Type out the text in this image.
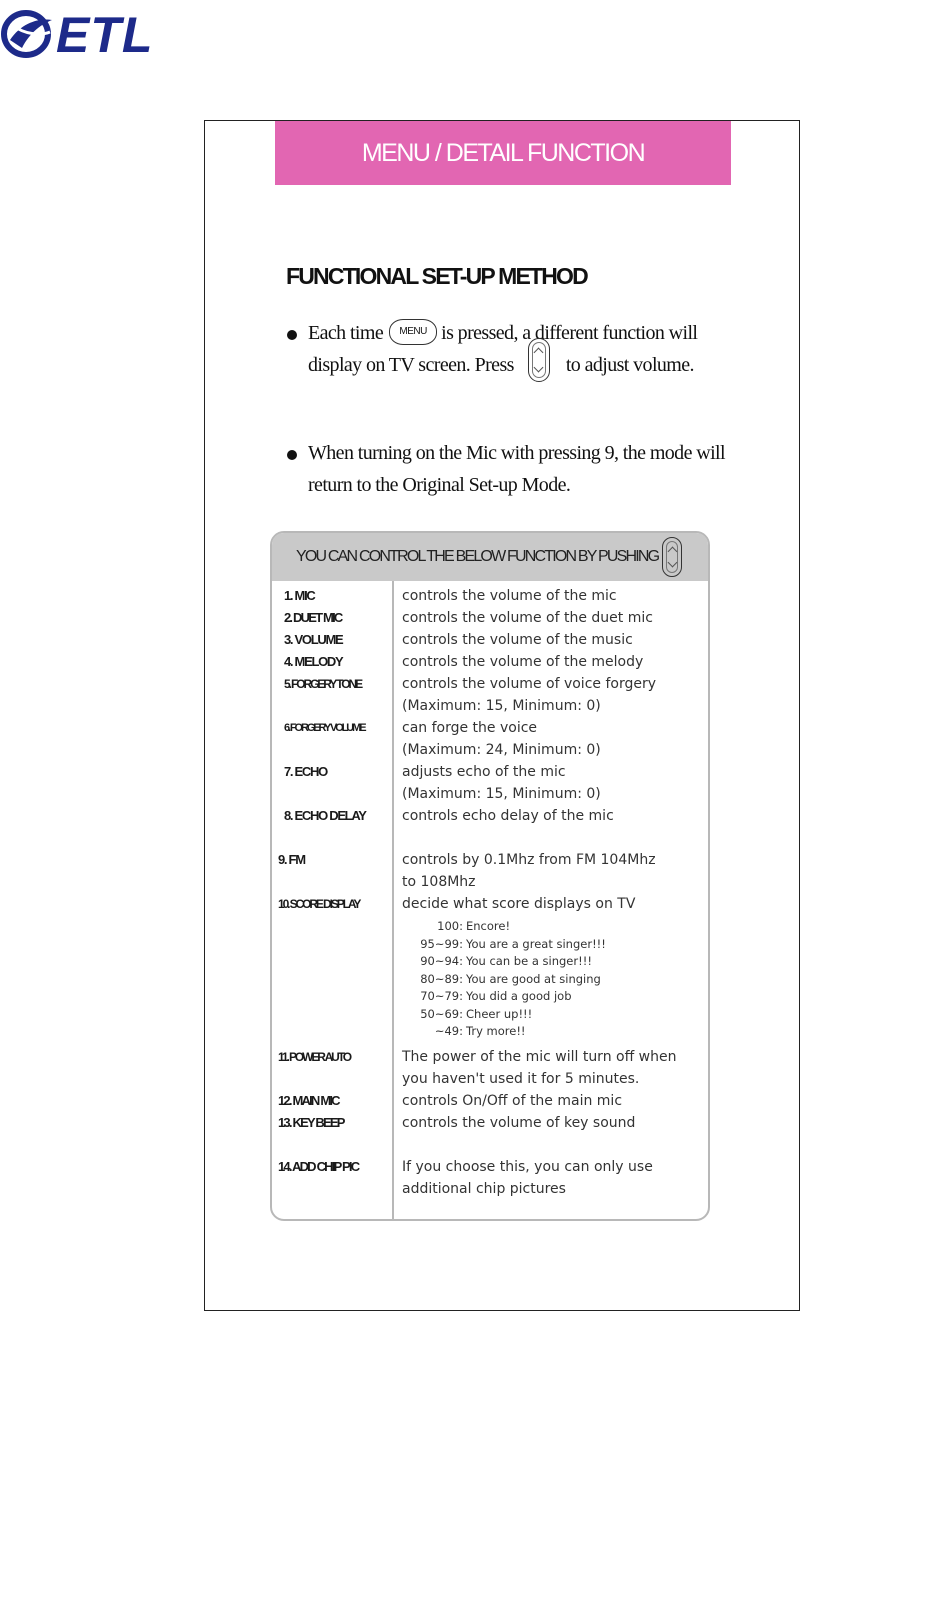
ETL
MENU / DETAIL FUNCTION
FUNCTIONAL SET-UP METHOD
Each time MENU is pressed, a different function will display on TV screen. Press	to adjust volume.
When turning on the Mic with pressing 9, the mode will return to the Original Set-up Mode.
YOU CAN CONTROL THE BELOW FUNCTION BY PUSHING
1. MIC	controls the volume of the mic
2. DUET MIC	controls the volume of the duet mic
3. VOLUME	controls the volume of the music
4. MELODY	controls the volume of the melody
5. FORGERY TONE	controls the volume of voice forgery
(Maximum: 15, Minimum: 0)
6. FORGERY VOLUME	can forge the voice
(Maximum: 24, Minimum: 0)
7. ECHO	adjusts echo of the mic
(Maximum: 15, Minimum: 0)
8. ECHO DELAY	controls echo delay of the mic
9. FM	controls by 0.1Mhz from FM 104Mhz
to 108Mhz
10. SCORE DISPLAY	decide what score displays on TV
100: Encore!
95~99: You are a great singer!!!
90~94: You can be a singer!!!
80~89: You are good at singing
70~79: You did a good job
50~69: Cheer up!!!
~49: Try more!!
11. POWER AUTO	The power of the mic will turn off when
you haven't used it for 5 minutes.
12. MAIN MIC	controls On/Off of the main mic
13. KEY BEEP	controls the volume of key sound
14. ADD CHIP PIC	If you choose this, you can only use
additional chip pictures
